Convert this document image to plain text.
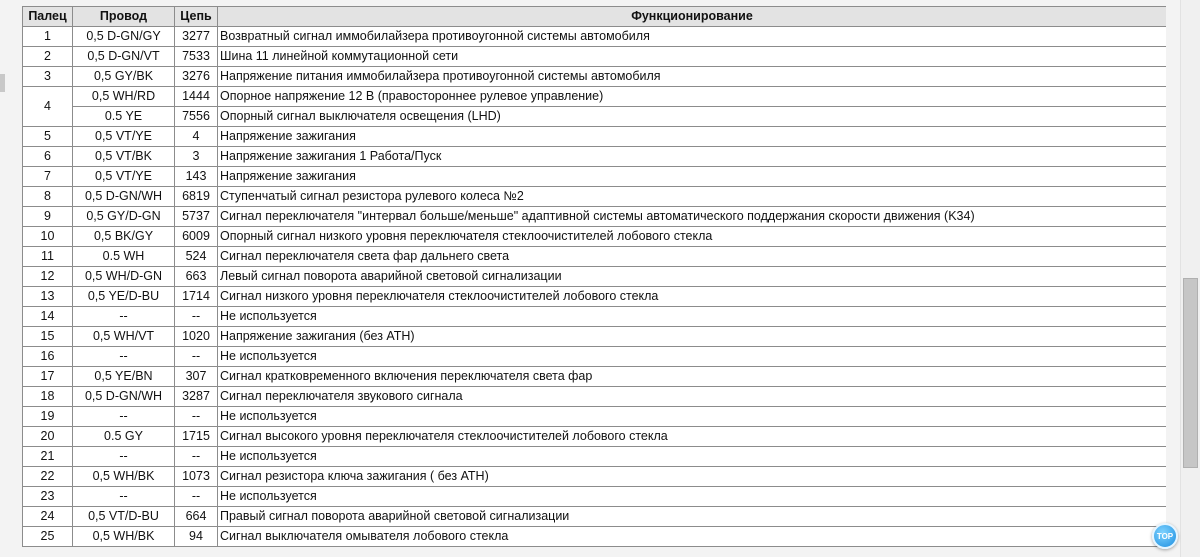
Палец	Провод	Цепь	Функционирование
1	0,5 D-GN/GY	3277	Возвратный сигнал иммобилайзера противоугонной системы автомобиля
2	0,5 D-GN/VT	7533	Шина 11 линейной коммутационной сети
3	0,5 GY/BK	3276	Напряжение питания иммобилайзера противоугонной системы автомобиля
4	0,5 WH/RD	1444	Опорное напряжение 12 В (правостороннее рулевое управление)
	0.5 YE	7556	Опорный сигнал выключателя освещения (LHD)
5	0,5 VT/YE	4	Напряжение зажигания
6	0,5 VT/BK	3	Напряжение зажигания 1 Работа/Пуск
7	0,5 VT/YE	143	Напряжение зажигания
8	0,5 D-GN/WH	6819	Ступенчатый сигнал резистора рулевого колеса №2
9	0,5 GY/D-GN	5737	Сигнал переключателя "интервал больше/меньше" адаптивной системы автоматического поддержания скорости движения (K34)
10	0,5 BK/GY	6009	Опорный сигнал низкого уровня переключателя стеклоочистителей лобового стекла
11	0.5 WH	524	Сигнал переключателя света фар дальнего света
12	0,5 WH/D-GN	663	Левый сигнал поворота аварийной световой сигнализации
13	0,5 YE/D-BU	1714	Сигнал низкого уровня переключателя стеклоочистителей лобового стекла
14	--	--	Не используется
15	0,5 WH/VT	1020	Напряжение зажигания (без АТН)
16	--	--	Не используется
17	0,5 YE/BN	307	Сигнал кратковременного включения переключателя света фар
18	0,5 D-GN/WH	3287	Сигнал переключателя звукового сигнала
19	--	--	Не используется
20	0.5 GY	1715	Сигнал высокого уровня переключателя стеклоочистителей лобового стекла
21	--	--	Не используется
22	0,5 WH/BK	1073	Сигнал резистора ключа зажигания ( без АТН)
23	--	--	Не используется
24	0,5 VT/D-BU	664	Правый сигнал поворота аварийной световой сигнализации
25	0,5 WH/BK	94	Сигнал выключателя омывателя лобового стекла	TOP
